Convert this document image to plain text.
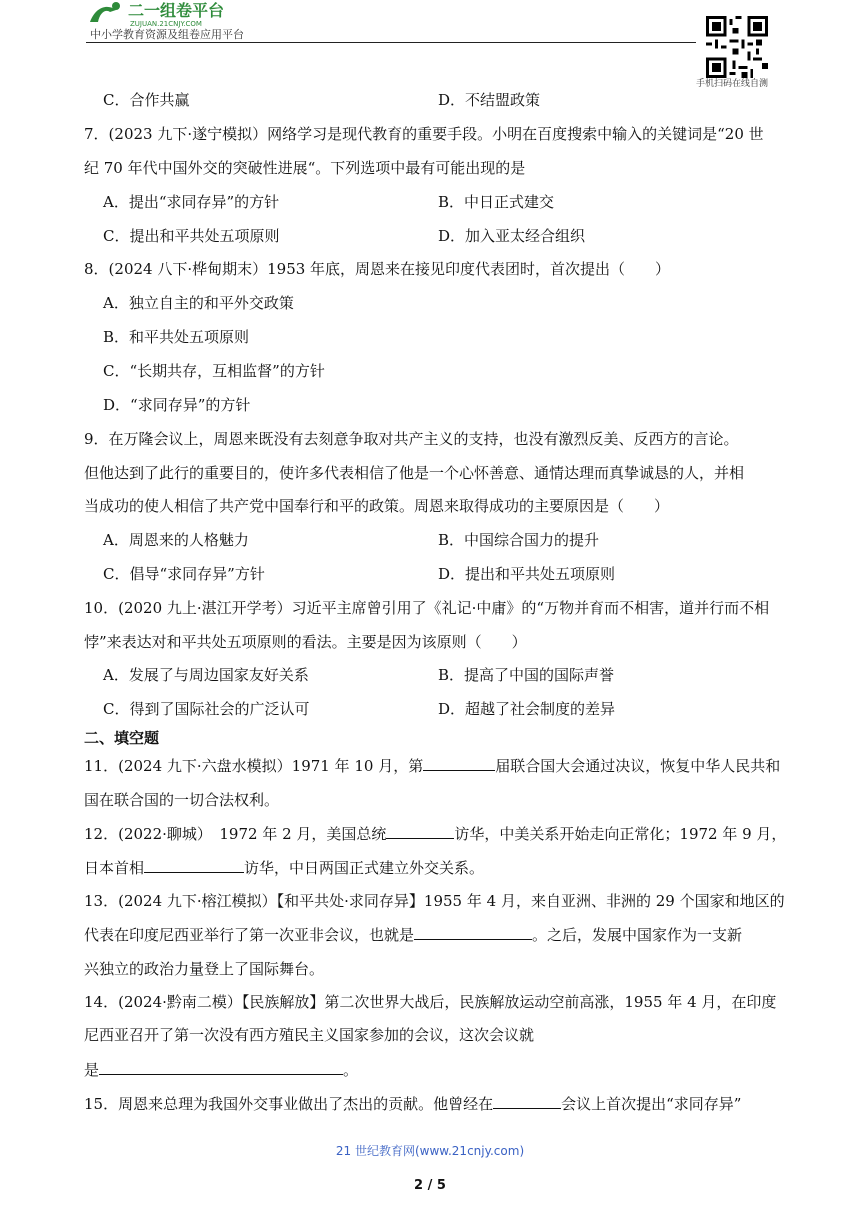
二一组卷平台
ZUJUAN.21CNJY.COM
中小学教育资源及组卷应用平台
手机扫码在线自测
C．合作共赢	D．不结盟政策
7．(2023 九下·遂宁模拟）网络学习是现代教育的重要手段。小明在百度搜索中输入的关键词是“20 世
纪 70 年代中国外交的突破性进展“。下列选项中最有可能出现的是
A．提出“求同存异”的方针	B．中日正式建交
C．提出和平共处五项原则	D．加入亚太经合组织
8．(2024 八下·桦甸期末）1953 年底，周恩来在接见印度代表团时，首次提出（　　）
A．独立自主的和平外交政策
B．和平共处五项原则
C．“长期共存，互相监督”的方针
D．“求同存异”的方针
9．在万隆会议上，周恩来既没有去刻意争取对共产主义的支持，也没有激烈反美、反西方的言论。
但他达到了此行的重要目的，使许多代表相信了他是一个心怀善意、通情达理而真挚诚恳的人，并相
当成功的使人相信了共产党中国奉行和平的政策。周恩来取得成功的主要原因是（　　）
A．周恩来的人格魅力	B．中国综合国力的提升
C．倡导“求同存异”方针	D．提出和平共处五项原则
10．(2020 九上·湛江开学考）习近平主席曾引用了《礼记·中庸》的“万物并育而不相害，道并行而不相
悖”来表达对和平共处五项原则的看法。主要是因为该原则（　　）
A．发展了与周边国家友好关系	B．提高了中国的国际声誉
C．得到了国际社会的广泛认可	D．超越了社会制度的差异
二、填空题
11．(2024 九下·六盘水模拟）1971 年 10 月，第	届联合国大会通过决议，恢复中华人民共和
国在联合国的一切合法权利。
12．(2022·聊城）　1972 年 2 月，美国总统	访华，中美关系开始走向正常化；1972 年 9 月，
日本首相	访华，中日两国正式建立外交关系。
13．(2024 九下·榕江模拟）【和平共处·求同存异】1955 年 4 月，来自亚洲、非洲的 29 个国家和地区的
代表在印度尼西亚举行了第一次亚非会议，也就是	。之后，发展中国家作为一支新
兴独立的政治力量登上了国际舞台。
14．(2024·黔南二模）【民族解放】第二次世界大战后，民族解放运动空前高涨，1955 年 4 月，在印度
尼西亚召开了第一次没有西方殖民主义国家参加的会议，这次会议就
是	。
15．周恩来总理为我国外交事业做出了杰出的贡献。他曾经在	会议上首次提出“求同存异”
21 世纪教育网(www.21cnjy.com)
2 / 5
